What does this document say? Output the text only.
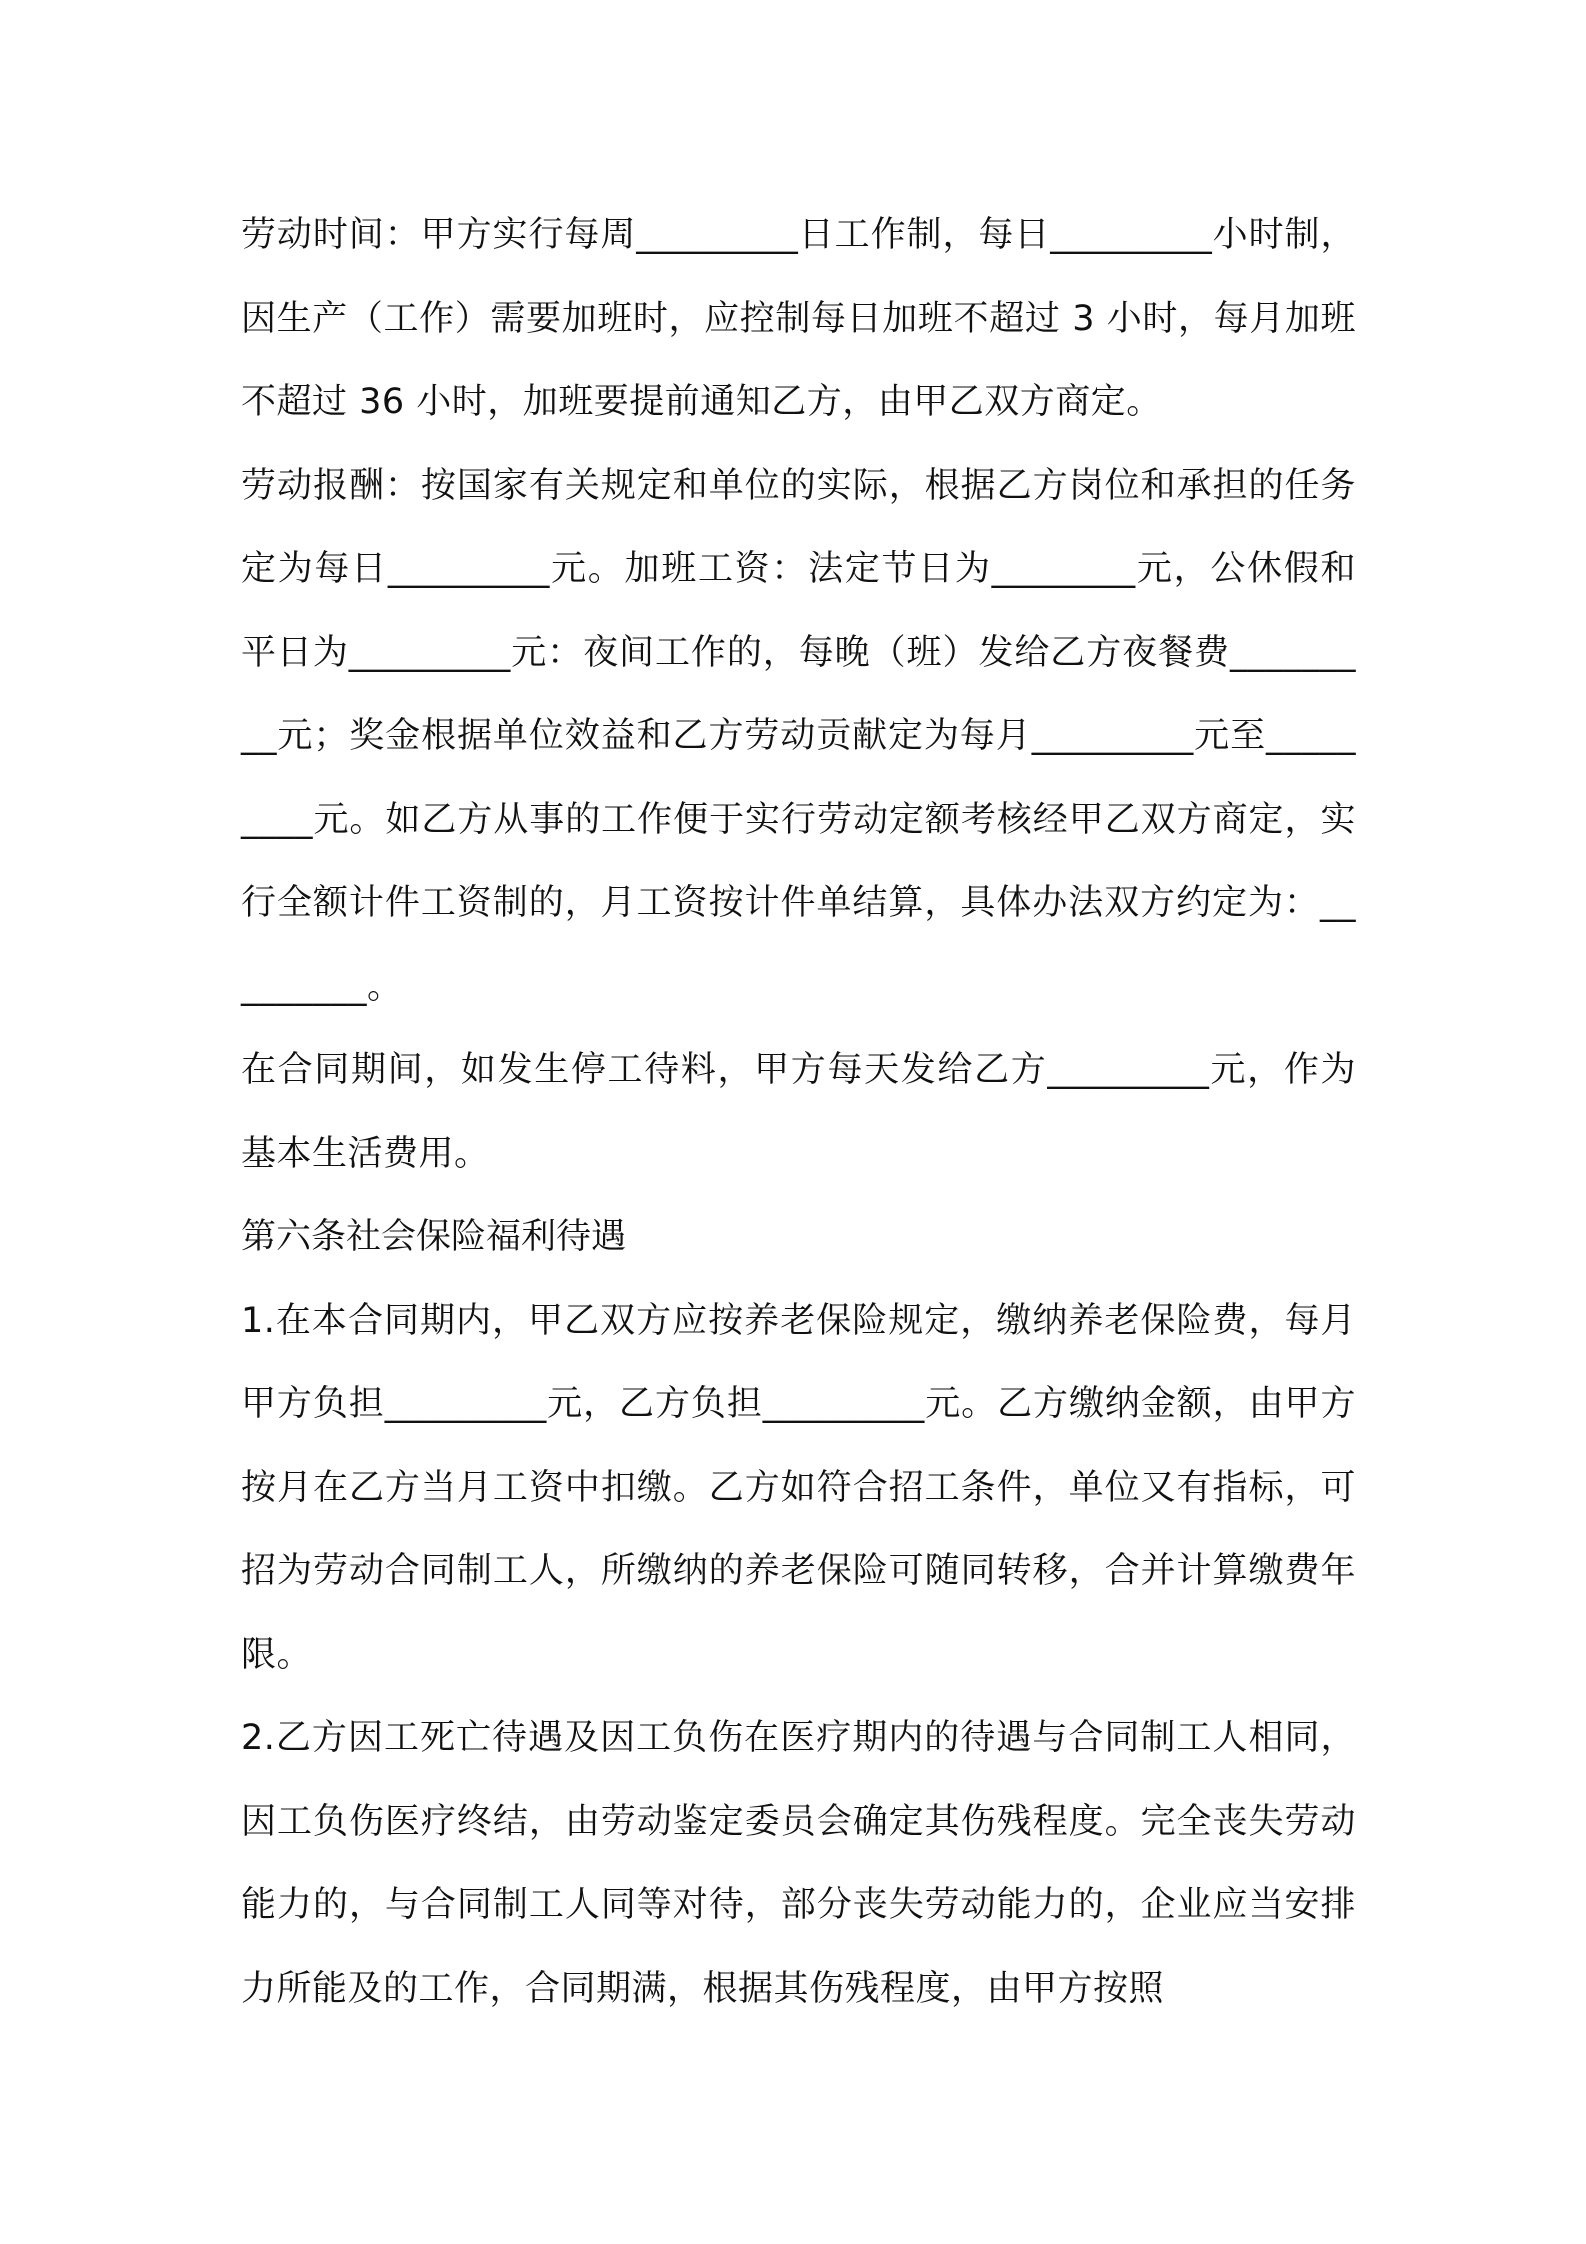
劳动时间：甲方实行每周_________日工作制，每日_________小时制，因生产（工作）需要加班时，应控制每日加班不超过 3 小时，每月加班不超过 36 小时，加班要提前通知乙方，由甲乙双方商定。

劳动报酬：按国家有关规定和单位的实际，根据乙方岗位和承担的任务定为每日_________元。加班工资：法定节日为________元，公休假和平日为_________元：夜间工作的，每晚（班）发给乙方夜餐费_________元；奖金根据单位效益和乙方劳动贡献定为每月_________元至_________元。如乙方从事的工作便于实行劳动定额考核经甲乙双方商定，实行全额计件工资制的，月工资按计件单结算，具体办法双方约定为：_________。

在合同期间，如发生停工待料，甲方每天发给乙方_________元，作为基本生活费用。

第六条社会保险福利待遇

1.在本合同期内，甲乙双方应按养老保险规定，缴纳养老保险费，每月甲方负担_________元，乙方负担_________元。乙方缴纳金额，由甲方按月在乙方当月工资中扣缴。乙方如符合招工条件，单位又有指标，可招为劳动合同制工人，所缴纳的养老保险可随同转移，合并计算缴费年限。

2.乙方因工死亡待遇及因工负伤在医疗期内的待遇与合同制工人相同，因工负伤医疗终结，由劳动鉴定委员会确定其伤残程度。完全丧失劳动能力的，与合同制工人同等对待，部分丧失劳动能力的，企业应当安排力所能及的工作，合同期满，根据其伤残程度，由甲方按照
